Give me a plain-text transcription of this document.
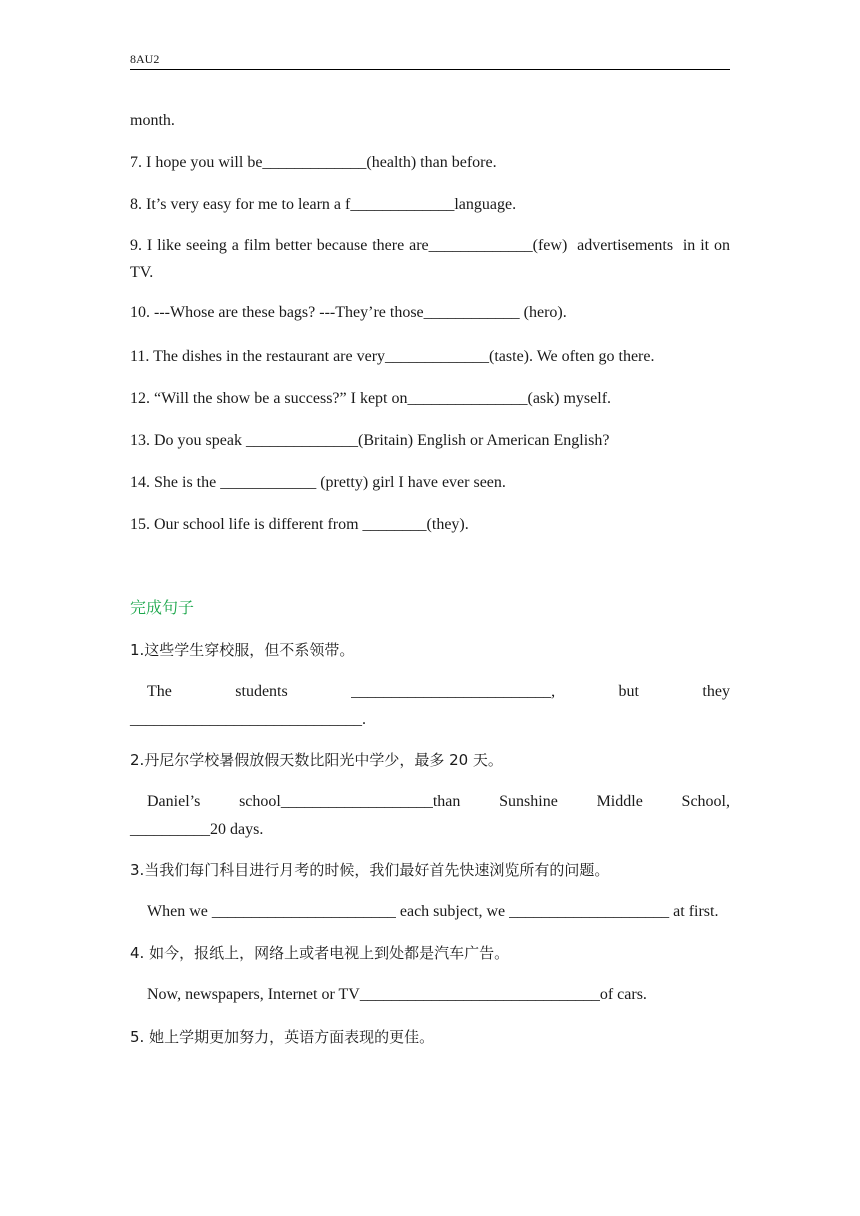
8AU2
month.
7. I hope you will be_____________(health) than before.
8. It’s very easy for me to learn a f_____________language.
9. I like seeing a film better because there are_____________(few)  advertisements  in it on TV.
10. ---Whose are these bags? ---They’re those____________ (hero).
11. The dishes in the restaurant are very_____________(taste). We often go there.
12. “Will the show be a success?” I kept on_______________(ask) myself.
13. Do you speak ______________(Britain) English or American English?
14. She is the ____________ (pretty) girl I have ever seen.
15. Our school life is different from ________(they).
完成句子
1.这些学生穿校服，但不系领带。
The	students	_________________________,	but	they
_____________________________.
2.丹尼尔学校暑假放假天数比阳光中学少，最多 20 天。
Daniel’s school___________________than Sunshine Middle School,
__________20 days.
3.当我们每门科目进行月考的时候，我们最好首先快速浏览所有的问题。
When we _______________________ each subject, we ____________________ at first.
4. 如今，报纸上，网络上或者电视上到处都是汽车广告。
Now, newspapers, Internet or TV______________________________of cars.
5. 她上学期更加努力，英语方面表现的更佳。
